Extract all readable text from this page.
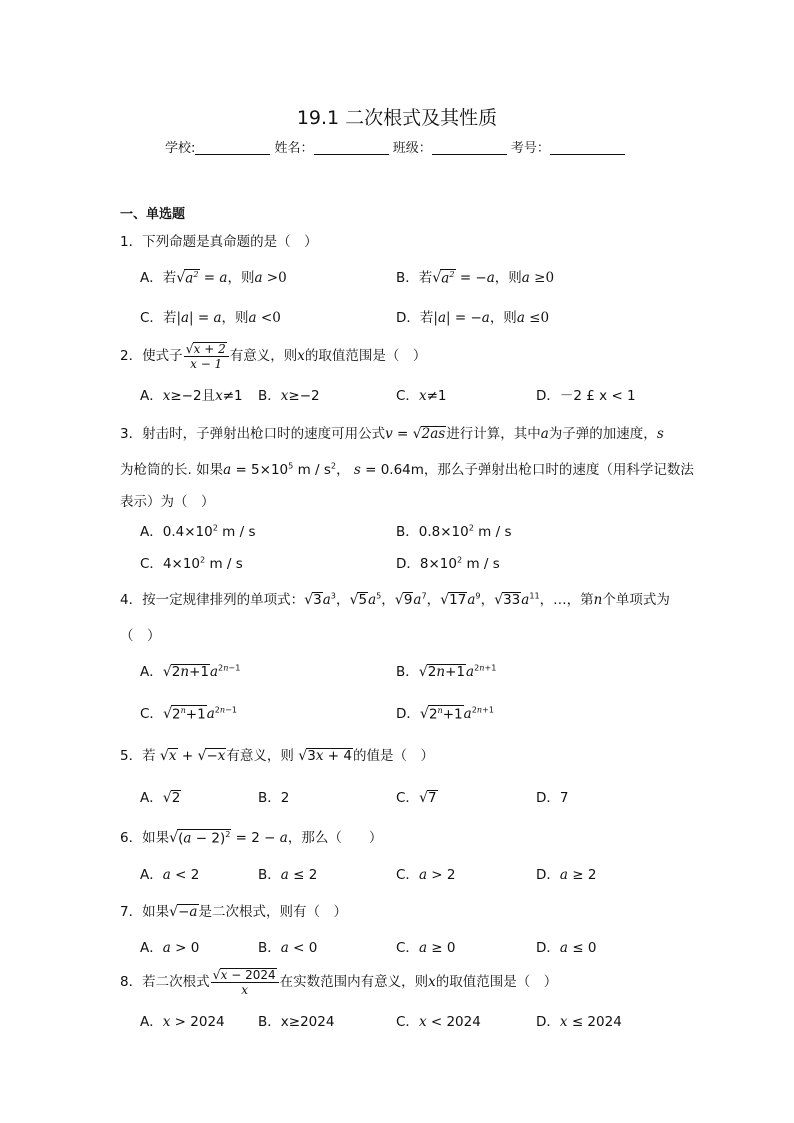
19.1 二次根式及其性质
学校:	姓名：	班级：	考号：
一、单选题
1．下列命题是真命题的是（　）
A．若$√a^2 = a$，则a >0	B．若$√a^2 = -a$，则a ≥0
C．若|a| = a，则a <0	D．若|a| = −a，则a ≤0
2．使式子 $\frac{√x + 2}{x - 1}$ 有意义，则x的取值范围是（　）
A．x≥−2且x≠1 B．x≥−2	C．x≠1	D．－2 £ x < 1
3．射击时，子弹射出枪口时的速度可用公式v = √2as进行计算，其中a为子弹的加速度，s
为枪筒的长. 如果$a = 5\times 10^5$ m / $s^2$， s = 0.64m，那么子弹射出枪口时的速度（用科学记数法
表示）为（　）
A．$0.4\times 10^2$ m / s	B．$0.8\times 10^2$ m / s
C．$4\times 10^2$ m / s	D．$8\times 10^2$ m / s
4．按一定规律排列的单项式：$√3a^3$，$√5a^5$，$√9a^7$，$√17a^9$，$√33a^{11}$，…，第n个单项式为
（　）
A．$√2n+1a^{2n-1}$	B．$√2n+1a^{2n+1}$
C．$√2^n+1a^{2n-1}$	D．$√2^n+1a^{2n+1}$
5．若 √x + √−x有意义，则 √3x + 4的值是（　）
A．√2	B．2	C．√7	D．7
6．如果$√(a - 2)^2 = 2 - a$，那么（　　）
A．a < 2	B．a ≤ 2	C．a > 2	D．a ≥ 2
7．如果√−a是二次根式，则有（　）
A．a > 0	B．a < 0	C．a ≥ 0	D．a ≤ 0
8．若二次根式 $\frac{√x - 2024}{x}$ 在实数范围内有意义，则x的取值范围是（　）
A．x > 2024 B．x≥2024	C．x < 2024	D．x ≤ 2024
